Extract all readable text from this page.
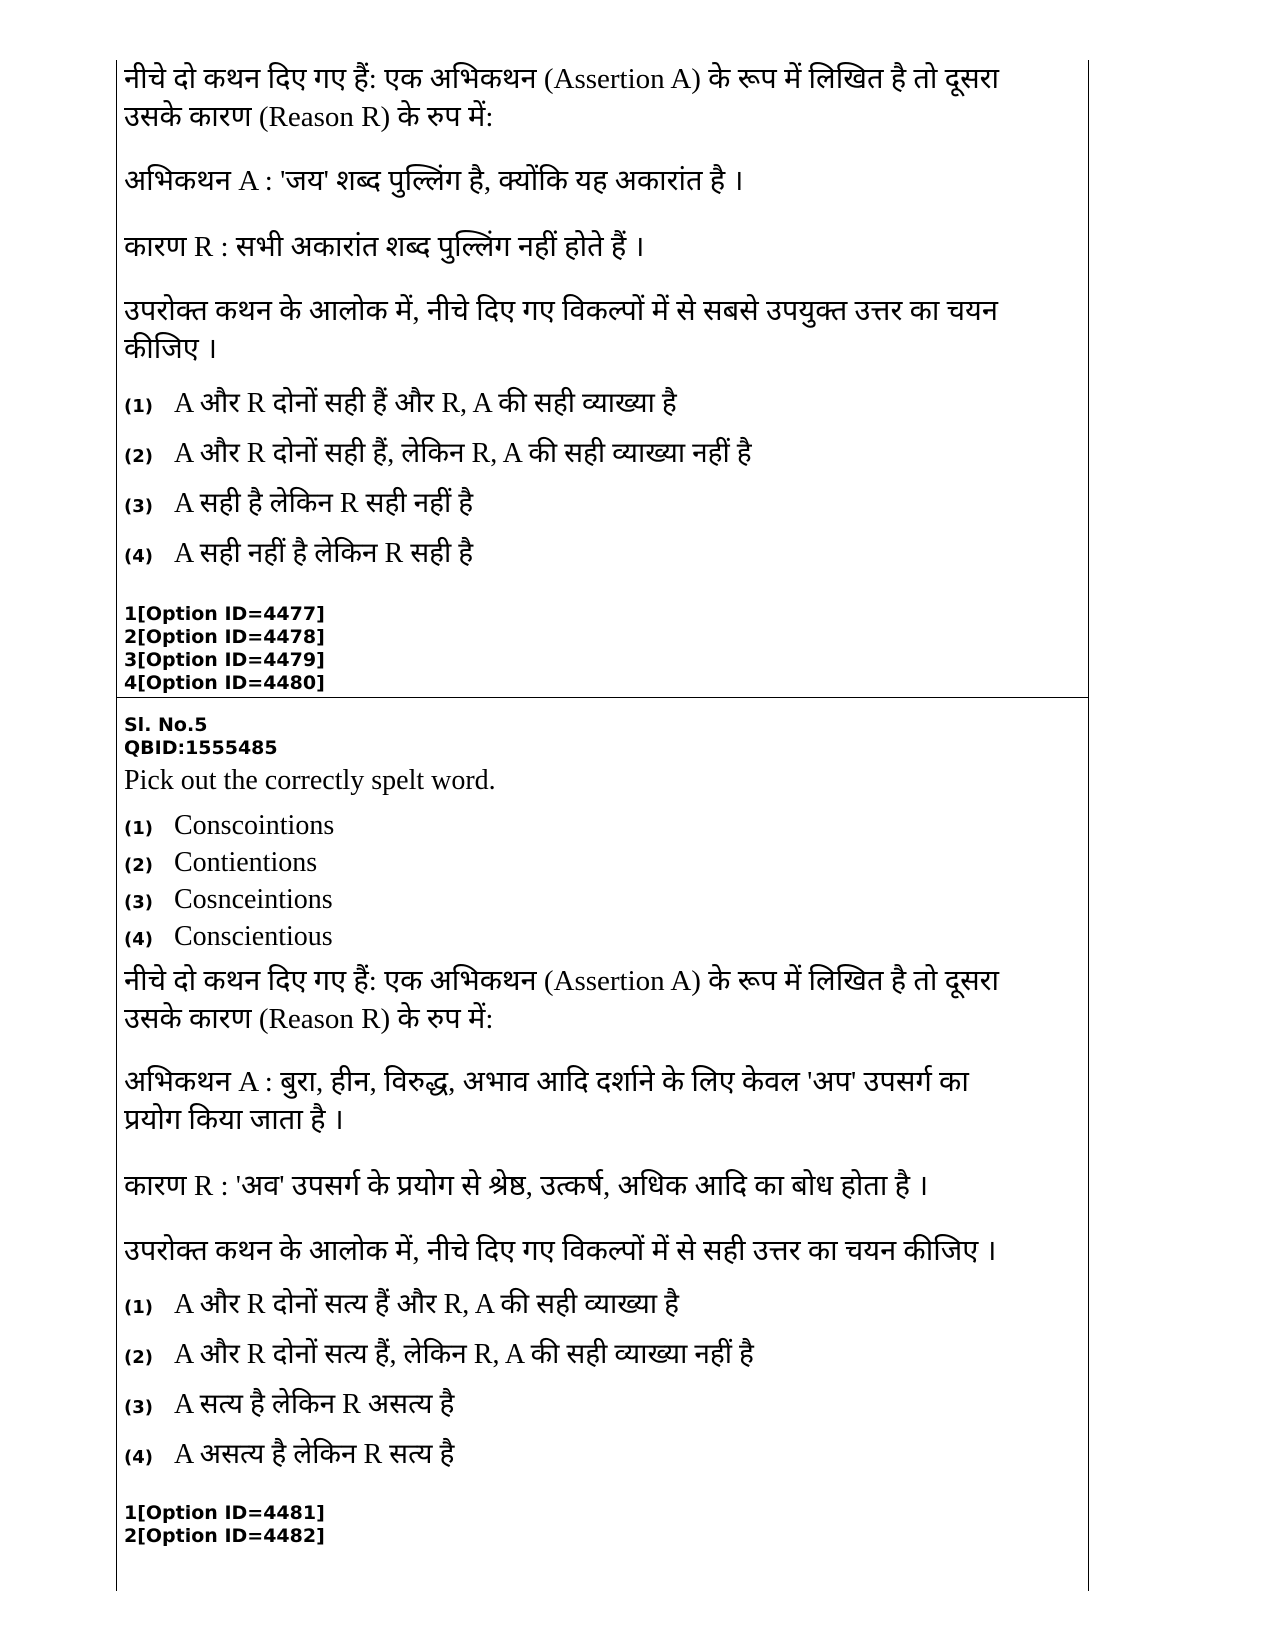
नीचे दो कथन दिए गए हैं: एक अभिकथन (Assertion A) के रूप में लिखित है तो दूसरा

उसके कारण (Reason R) के रुप में:

अभिकथन A : 'जय' शब्द पुल्लिंग है, क्योंकि यह अकारांत है ।

कारण R : सभी अकारांत शब्द पुल्लिंग नहीं होते हैं ।

उपरोक्त कथन के आलोक में, नीचे दिए गए विकल्पों में से सबसे उपयुक्त उत्तर का चयन

कीजिए ।

(1) A और R दोनों सही हैं और R, A की सही व्याख्या है

(2) A और R दोनों सही हैं, लेकिन R, A की सही व्याख्या नहीं है

(3) A सही है लेकिन R सही नहीं है

(4) A सही नहीं है लेकिन R सही है

1[Option ID=4477]

2[Option ID=4478]

3[Option ID=4479]

4[Option ID=4480]

Sl. No.5

QBID:1555485

Pick out the correctly spelt word.

(1) Conscointions

(2) Contientions

(3) Cosnceintions

(4) Conscientious

नीचे दो कथन दिए गए हैं: एक अभिकथन (Assertion A) के रूप में लिखित है तो दूसरा

उसके कारण (Reason R) के रुप में:

अभिकथन A : बुरा, हीन, विरुद्ध, अभाव आदि दर्शाने के लिए केवल 'अप' उपसर्ग का

प्रयोग किया जाता है ।

कारण R : 'अव' उपसर्ग के प्रयोग से श्रेष्ठ, उत्कर्ष, अधिक आदि का बोध होता है ।

उपरोक्त कथन के आलोक में, नीचे दिए गए विकल्पों में से सही उत्तर का चयन कीजिए ।

(1) A और R दोनों सत्य हैं और R, A की सही व्याख्या है

(2) A और R दोनों सत्य हैं, लेकिन R, A की सही व्याख्या नहीं है

(3) A सत्य है लेकिन R असत्य है

(4) A असत्य है लेकिन R सत्य है

1[Option ID=4481]

2[Option ID=4482]
